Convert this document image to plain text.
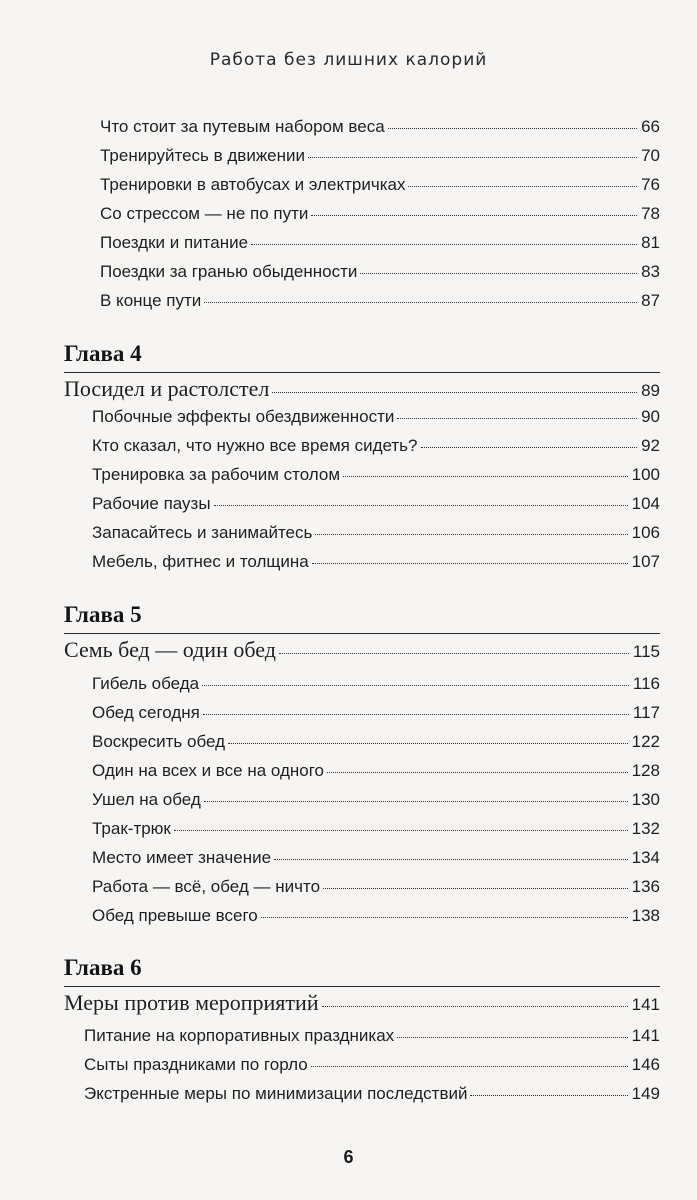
Работа без лишних калорий
Что стоит за путевым набором веса	66
Тренируйтесь в движении	70
Тренировки в автобусах и электричках	76
Со стрессом — не по пути	78
Поездки и питание	81
Поездки за гранью обыденности	83
В конце пути	87
Глава 4
Посидел и растолстел	89
Побочные эффекты обездвиженности	90
Кто сказал, что нужно все время сидеть?	92
Тренировка за рабочим столом	100
Рабочие паузы	104
Запасайтесь и занимайтесь	106
Мебель, фитнес и толщина	107
Глава 5
Семь бед — один обед	115
Гибель обеда	116
Обед сегодня	117
Воскресить обед	122
Один на всех и все на одного	128
Ушел на обед	130
Трак-трюк	132
Место имеет значение	134
Работа — всё, обед — ничто	136
Обед превыше всего	138
Глава 6
Меры против мероприятий	141
Питание на корпоративных праздниках	141
Сыты праздниками по горло	146
Экстренные меры по минимизации последствий	149
6
